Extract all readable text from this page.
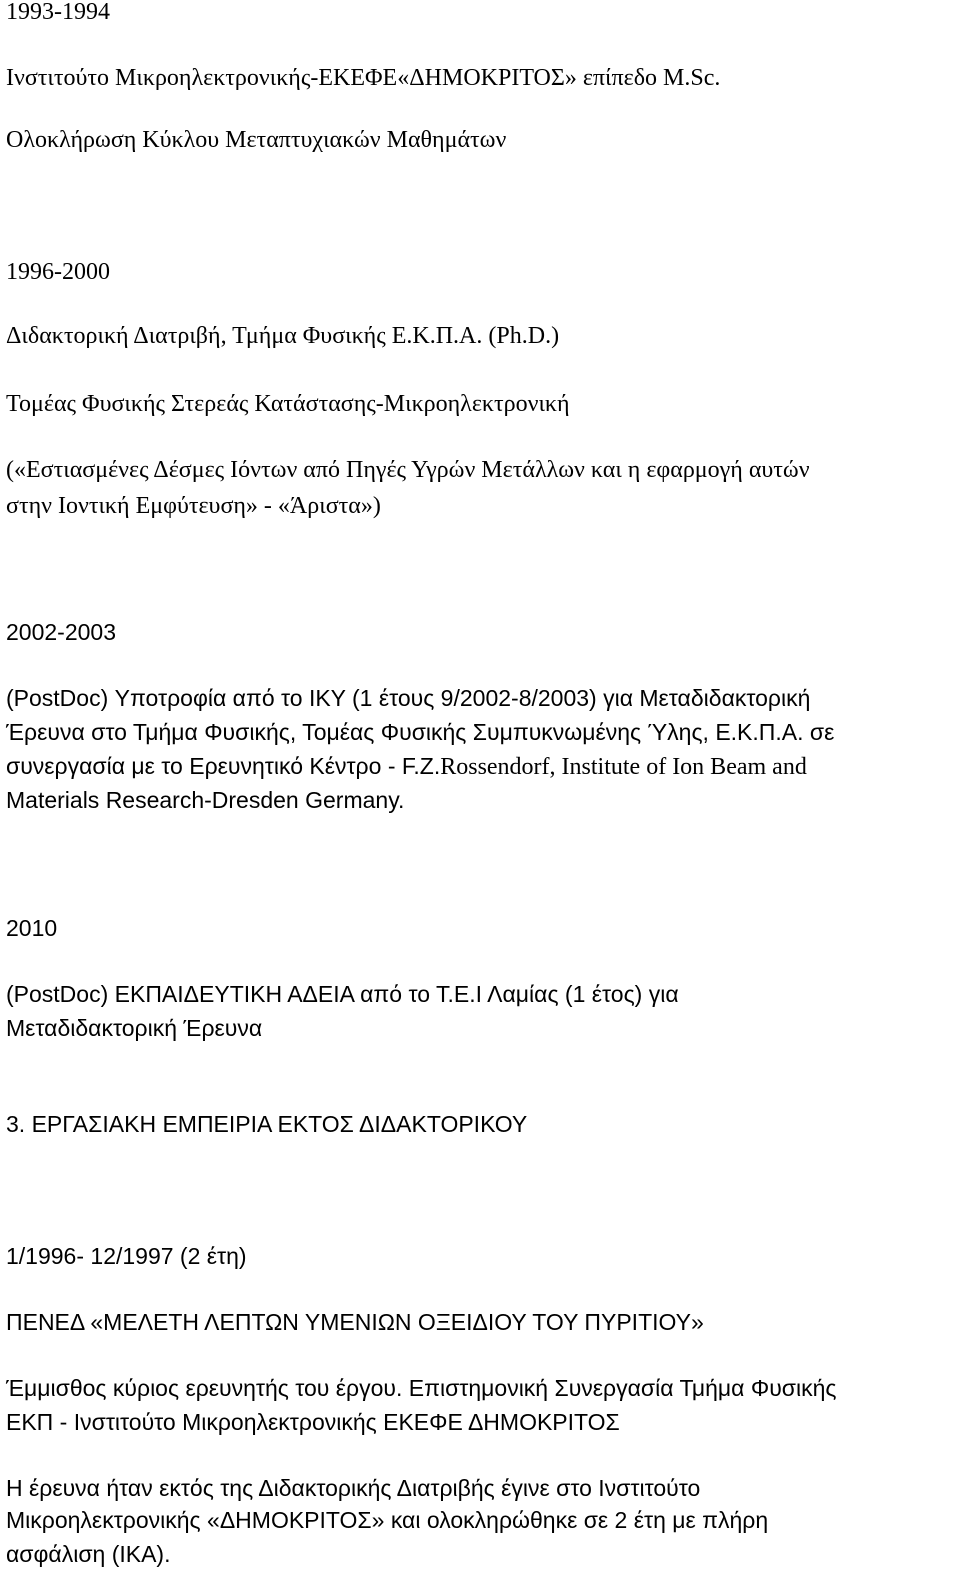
1993-1994

Ινστιτούτο Μικροηλεκτρονικής-ΕΚΕΦΕ«ΔΗΜΟΚΡΙΤΟΣ» επίπεδο M.Sc.

Ολοκλήρωση Κύκλου Μεταπτυχιακών Μαθημάτων

1996-2000

Διδακτορική Διατριβή, Τμήμα Φυσικής Ε.Κ.Π.Α. (Ph.D.)

Τομέας Φυσικής Στερεάς Κατάστασης-Μικροηλεκτρονική

(«Εστιασμένες Δέσμες Ιόντων από Πηγές Υγρών Μετάλλων και η εφαρμογή αυτών

στην Ιοντική Εμφύτευση» - «Άριστα»)

2002-2003

(PostDoc) Υποτροφία από το ΙΚΥ (1 έτους 9/2002-8/2003) για Μεταδιδακτορική

Έρευνα στο Τμήμα Φυσικής, Τομέας Φυσικής Συμπυκνωμένης Ύλης, Ε.Κ.Π.Α. σε

συνεργασία με το Ερευνητικό Κέντρο - F.Z.Rossendorf, Institute of Ion Beam and

Materials Research-Dresden Germany.

2010

(PostDoc) ΕΚΠΑΙΔΕΥΤΙΚΗ ΑΔΕΙΑ από το Τ.Ε.Ι Λαμίας (1 έτος) για

Μεταδιδακτορική Έρευνα

3. ΕΡΓΑΣΙΑΚΗ ΕΜΠΕΙΡΙΑ ΕΚΤΟΣ ΔΙΔΑΚΤΟΡΙΚΟΥ

1/1996- 12/1997 (2 έτη)

ΠΕΝΕΔ «ΜΕΛΕΤΗ ΛΕΠΤΩΝ ΥΜΕΝΙΩΝ ΟΞΕΙΔΙΟΥ ΤΟΥ ΠΥΡΙΤΙΟΥ»

Έμμισθος κύριος ερευνητής του έργου. Επιστημονική Συνεργασία Τμήμα Φυσικής

ΕΚΠ - Ινστιτούτο Μικροηλεκτρονικής ΕΚΕΦΕ ΔΗΜΟΚΡΙΤΟΣ

Η έρευνα ήταν εκτός της Διδακτορικής Διατριβής έγινε στο Ινστιτούτο

Μικροηλεκτρονικής «ΔΗΜΟΚΡΙΤΟΣ» και ολοκληρώθηκε σε 2 έτη με πλήρη

ασφάλιση (ΙΚΑ).
